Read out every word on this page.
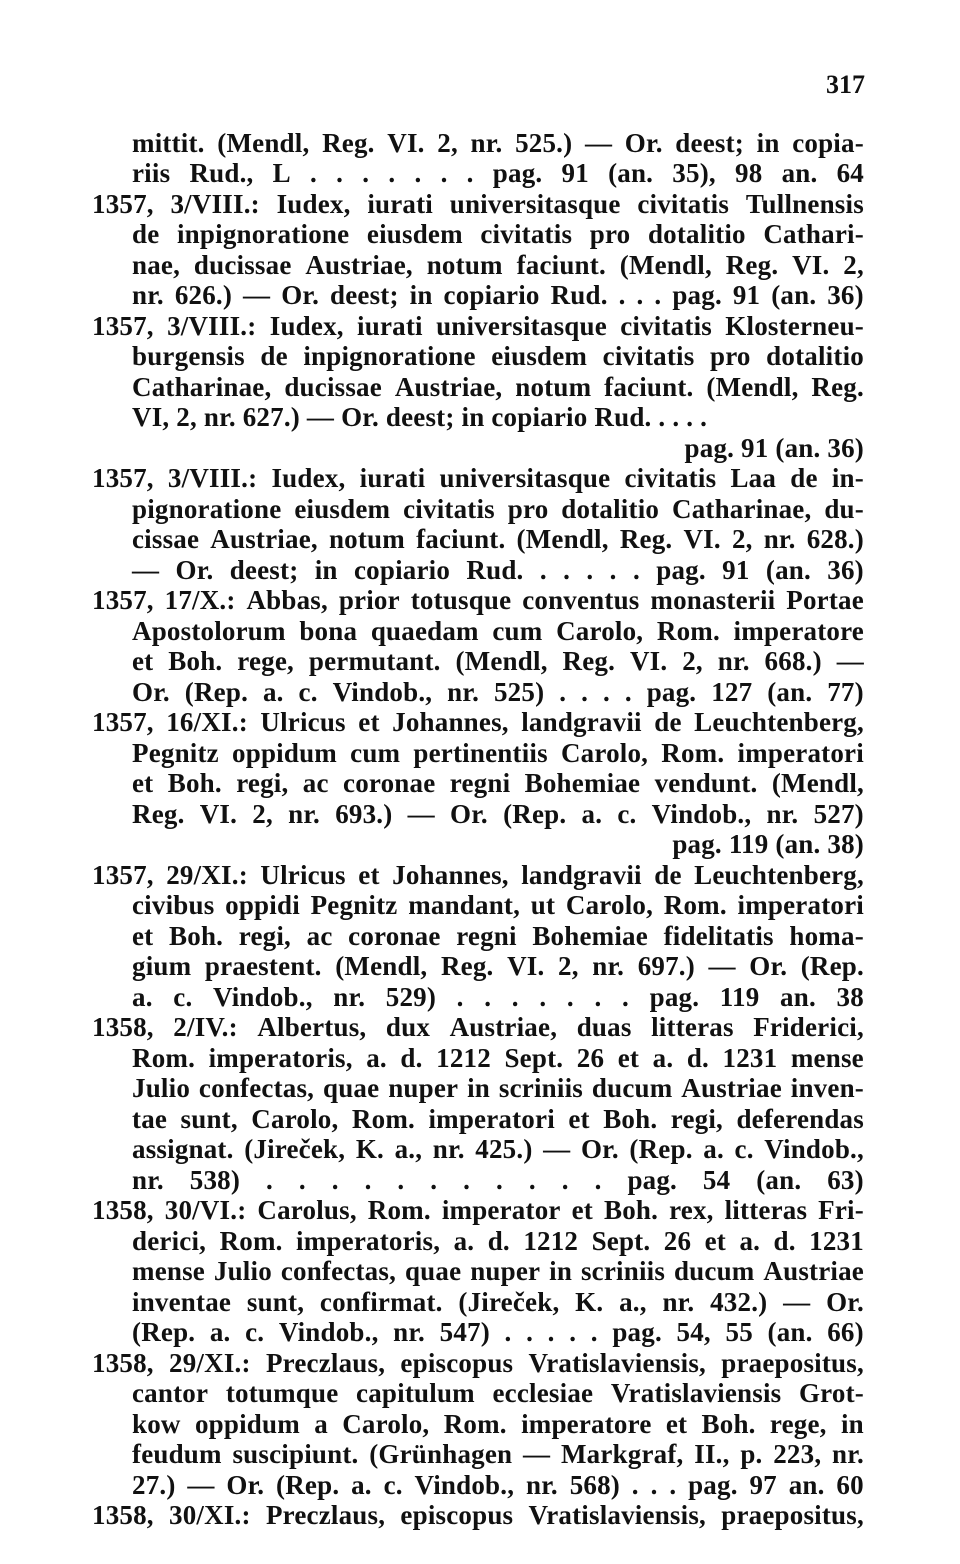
317
mittit. (Mendl, Reg. VI. 2, nr. 525.) — Or. deest; in copia-
riis Rud., L . . . . . . . pag. 91 (an. 35), 98 an. 64
1357, 3/VIII.: Iudex, iurati universitasque civitatis Tullnensis
de inpignoratione eiusdem civitatis pro dotalitio Cathari-
nae, ducissae Austriae, notum faciunt. (Mendl, Reg. VI. 2,
nr. 626.) — Or. deest; in copiario Rud. . . . pag. 91 (an. 36)
1357, 3/VIII.: Iudex, iurati universitasque civitatis Klosterneu-
burgensis de inpignoratione eiusdem civitatis pro dotalitio
Catharinae, ducissae Austriae, notum faciunt. (Mendl, Reg.
VI, 2, nr. 627.) — Or. deest; in copiario Rud. . . . .
pag. 91 (an. 36)
1357, 3/VIII.: Iudex, iurati universitasque civitatis Laa de in-
pignoratione eiusdem civitatis pro dotalitio Catharinae, du-
cissae Austriae, notum faciunt. (Mendl, Reg. VI. 2, nr. 628.)
— Or. deest; in copiario Rud. . . . . . pag. 91 (an. 36)
1357, 17/X.: Abbas, prior totusque conventus monasterii Portae
Apostolorum bona quaedam cum Carolo, Rom. imperatore
et Boh. rege, permutant. (Mendl, Reg. VI. 2, nr. 668.) —
Or. (Rep. a. c. Vindob., nr. 525) . . . . pag. 127 (an. 77)
1357, 16/XI.: Ulricus et Johannes, landgravii de Leuchtenberg,
Pegnitz oppidum cum pertinentiis Carolo, Rom. imperatori
et Boh. regi, ac coronae regni Bohemiae vendunt. (Mendl,
Reg. VI. 2, nr. 693.) — Or. (Rep. a. c. Vindob., nr. 527)
pag. 119 (an. 38)
1357, 29/XI.: Ulricus et Johannes, landgravii de Leuchtenberg,
civibus oppidi Pegnitz mandant, ut Carolo, Rom. imperatori
et Boh. regi, ac coronae regni Bohemiae fidelitatis homa-
gium praestent. (Mendl, Reg. VI. 2, nr. 697.) — Or. (Rep.
a. c. Vindob., nr. 529) . . . . . . . pag. 119 an. 38
1358, 2/IV.: Albertus, dux Austriae, duas litteras Friderici,
Rom. imperatoris, a. d. 1212 Sept. 26 et a. d. 1231 mense
Julio confectas, quae nuper in scriniis ducum Austriae inven-
tae sunt, Carolo, Rom. imperatori et Boh. regi, deferendas
assignat. (Jireček, K. a., nr. 425.) — Or. (Rep. a. c. Vindob.,
nr. 538) . . . . . . . . . . . pag. 54 (an. 63)
1358, 30/VI.: Carolus, Rom. imperator et Boh. rex, litteras Fri-
derici, Rom. imperatoris, a. d. 1212 Sept. 26 et a. d. 1231
mense Julio confectas, quae nuper in scriniis ducum Austriae
inventae sunt, confirmat. (Jireček, K. a., nr. 432.) — Or.
(Rep. a. c. Vindob., nr. 547) . . . . . pag. 54, 55 (an. 66)
1358, 29/XI.: Preczlaus, episcopus Vratislaviensis, praepositus,
cantor totumque capitulum ecclesiae Vratislaviensis Grot-
kow oppidum a Carolo, Rom. imperatore et Boh. rege, in
feudum suscipiunt. (Grünhagen — Markgraf, II., p. 223, nr.
27.) — Or. (Rep. a. c. Vindob., nr. 568) . . . pag. 97 an. 60
1358, 30/XI.: Preczlaus, episcopus Vratislaviensis, praepositus,
